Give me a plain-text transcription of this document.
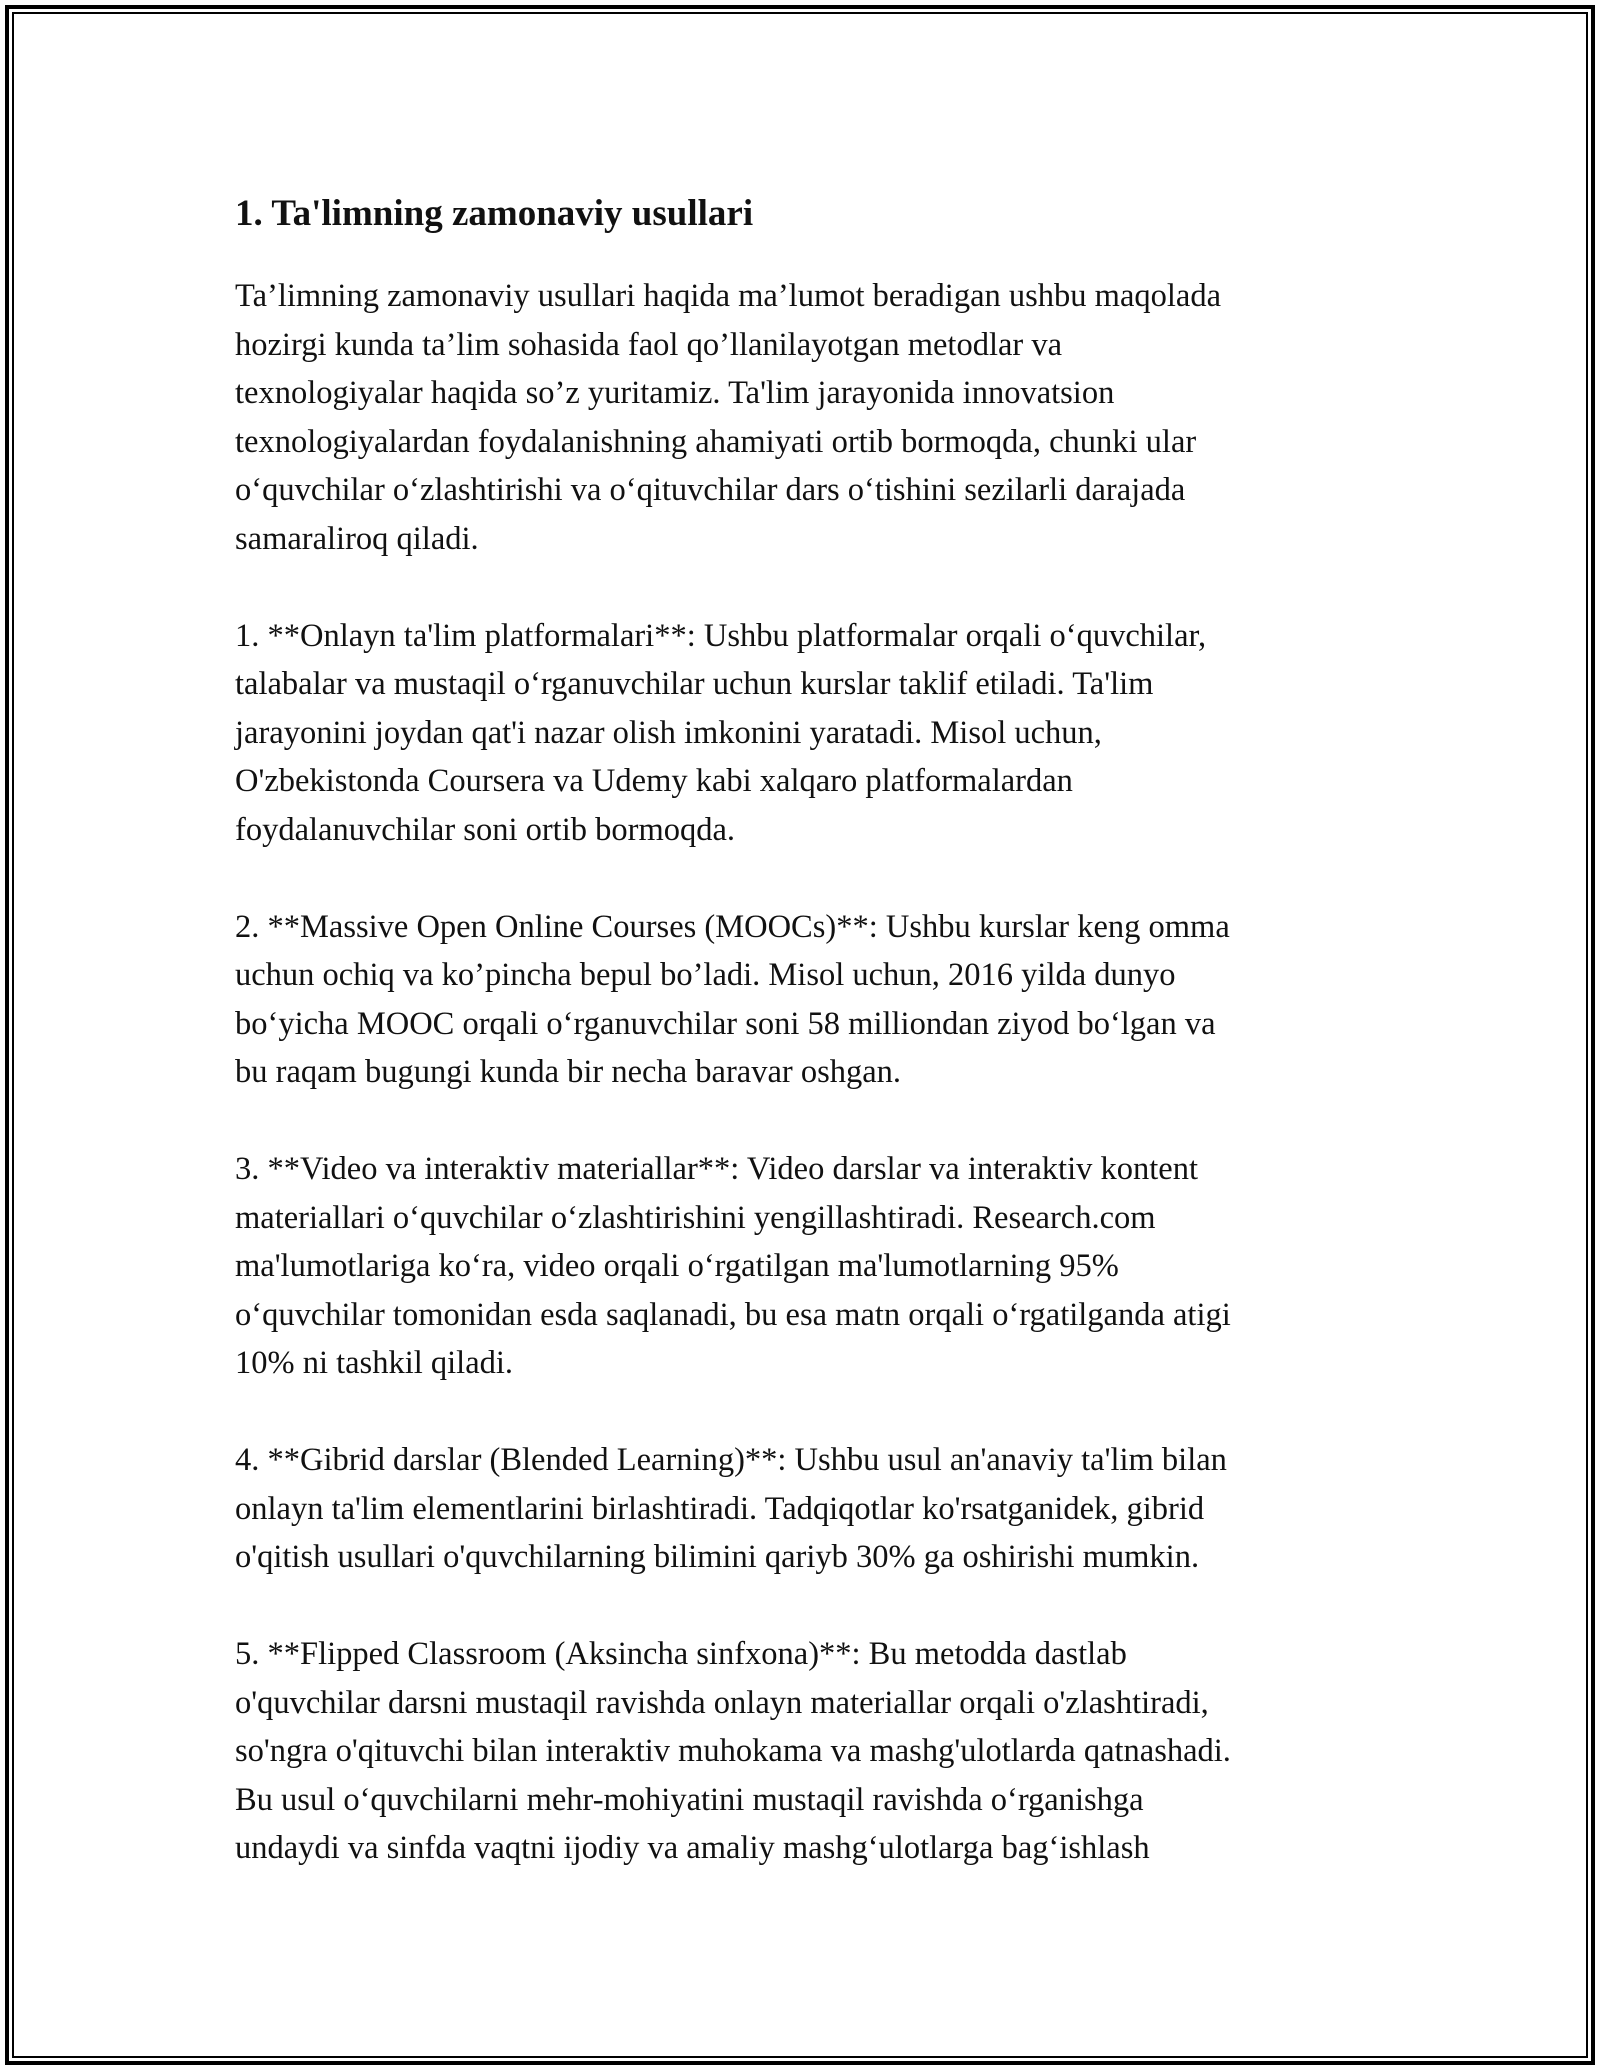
1. Ta'limning zamonaviy usullari

Ta’limning zamonaviy usullari haqida ma’lumot beradigan ushbu maqolada
hozirgi kunda ta’lim sohasida faol qo’llanilayotgan metodlar va
texnologiyalar haqida so’z yuritamiz. Ta'lim jarayonida innovatsion
texnologiyalardan foydalanishning ahamiyati ortib bormoqda, chunki ular
o‘quvchilar o‘zlashtirishi va o‘qituvchilar dars o‘tishini sezilarli darajada
samaraliroq qiladi.

1. **Onlayn ta'lim platformalari**: Ushbu platformalar orqali o‘quvchilar,
talabalar va mustaqil o‘rganuvchilar uchun kurslar taklif etiladi. Ta'lim
jarayonini joydan qat'i nazar olish imkonini yaratadi. Misol uchun,
O'zbekistonda Coursera va Udemy kabi xalqaro platformalardan
foydalanuvchilar soni ortib bormoqda.

2. **Massive Open Online Courses (MOOCs)**: Ushbu kurslar keng omma
uchun ochiq va ko’pincha bepul bo’ladi. Misol uchun, 2016 yilda dunyo
bo‘yicha MOOC orqali o‘rganuvchilar soni 58 milliondan ziyod bo‘lgan va
bu raqam bugungi kunda bir necha baravar oshgan.

3. **Video va interaktiv materiallar**: Video darslar va interaktiv kontent
materiallari o‘quvchilar o‘zlashtirishini yengillashtiradi. Research.com
ma'lumotlariga ko‘ra, video orqali o‘rgatilgan ma'lumotlarning 95%
o‘quvchilar tomonidan esda saqlanadi, bu esa matn orqali o‘rgatilganda atigi
10% ni tashkil qiladi.

4. **Gibrid darslar (Blended Learning)**: Ushbu usul an'anaviy ta'lim bilan
onlayn ta'lim elementlarini birlashtiradi. Tadqiqotlar ko'rsatganidek, gibrid
o'qitish usullari o'quvchilarning bilimini qariyb 30% ga oshirishi mumkin.

5. **Flipped Classroom (Aksincha sinfxona)**: Bu metodda dastlab
o'quvchilar darsni mustaqil ravishda onlayn materiallar orqali o'zlashtiradi,
so'ngra o'qituvchi bilan interaktiv muhokama va mashg'ulotlarda qatnashadi.
Bu usul o‘quvchilarni mehr-mohiyatini mustaqil ravishda o‘rganishga
undaydi va sinfda vaqtni ijodiy va amaliy mashg‘ulotlarga bag‘ishlash
